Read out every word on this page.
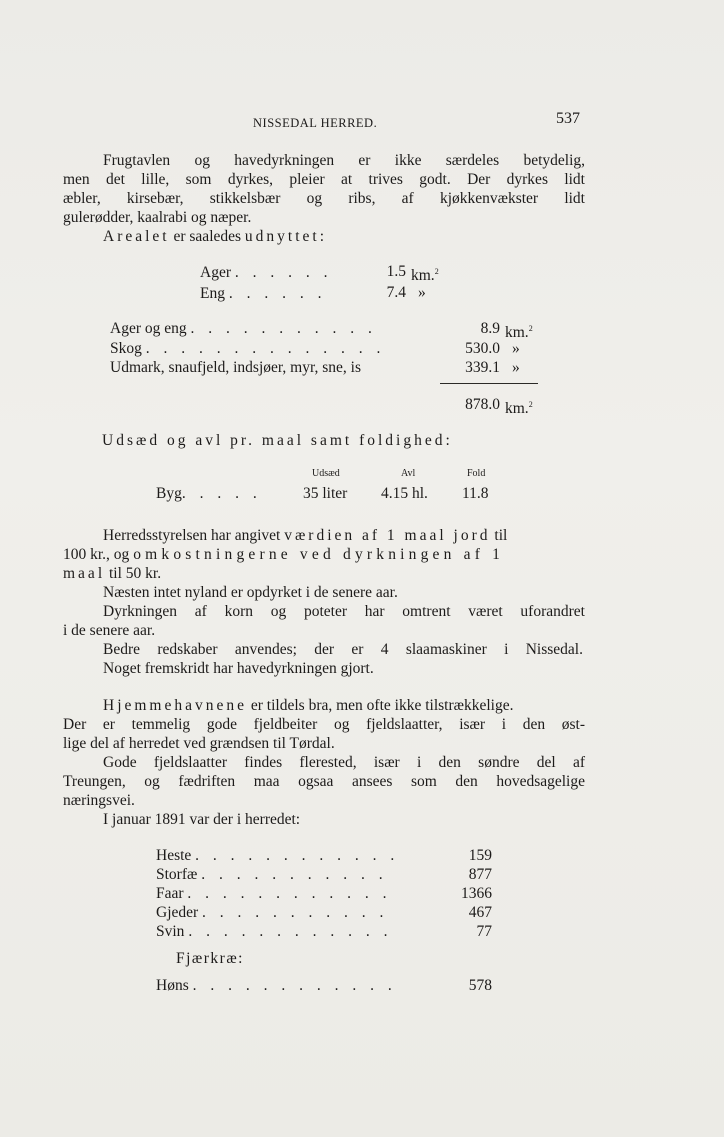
NISSEDAL HERRED.	537
Frugtavlen og havedyrkningen er ikke særdeles betydelig,
men det lille, som dyrkes, pleier at trives godt. Der dyrkes lidt
æbler, kirsebær, stikkelsbær og ribs, af kjøkkenvækster lidt
gulerødder, kaalrabi og næper.
Arealet er saaledes udnyttet:
Ager . . . . . .	1.5 km.$^2$
Eng . . . . . .	7.4 »
Ager og eng . . . . . . . . . . .	8.9 km.$^2$
Skog . . . . . . . . . . . . . .	530.0 »
Udmark, snaufjeld, indsjøer, myr, sne, is	339.1 »
878.0 km.$^2$
Udsæd og avl pr. maal samt foldighed:
Udsæd	Avl	Fold
Byg. . . . .	35 liter 4.15 hl. 11.8
Herredsstyrelsen har angivet værdien af 1 maal jord til
100 kr., og omkostningerne ved dyrkningen af 1
maal til 50 kr.
Næsten intet nyland er opdyrket i de senere aar.
Dyrkningen af korn og poteter har omtrent været uforandret
i de senere aar.
Bedre redskaber anvendes; der er 4 slaamaskiner i Nissedal.
Noget fremskridt har havedyrkningen gjort.
Hjemmehavnene er tildels bra, men ofte ikke tilstrækkelige.
Der er temmelig gode fjeldbeiter og fjeldslaatter, især i den øst-
lige del af herredet ved grændsen til Tørdal.
Gode fjeldslaatter findes flerested, især i den søndre del af
Treungen, og fædriften maa ogsaa ansees som den hovedsagelige
næringsvei.
I januar 1891 var der i herredet:
Heste . . . . . . . . . . . .	159
Storfæ . . . . . . . . . . .	877
Faar . . . . . . . . . . . .	1366
Gjeder . . . . . . . . . . .	467
Svin . . . . . . . . . . . .	77
Fjærkræ:
Høns . . . . . . . . . . . .	578
